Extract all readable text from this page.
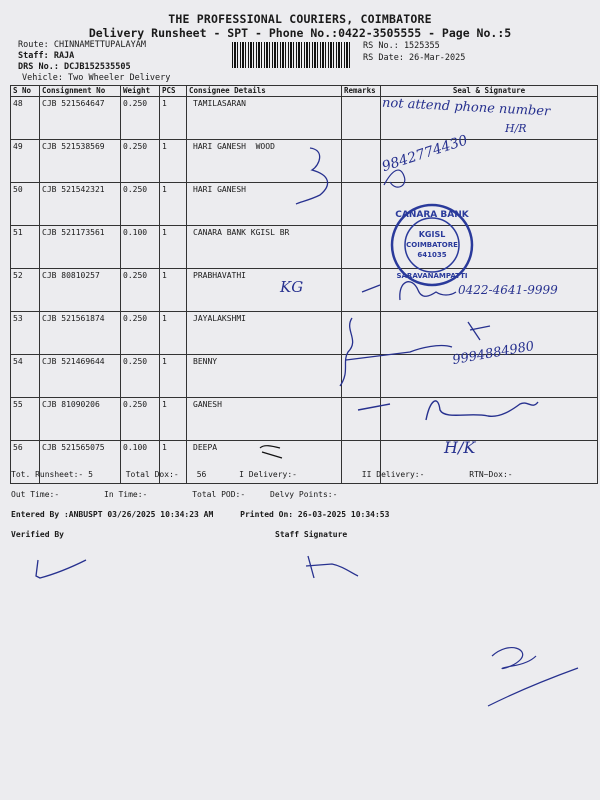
THE PROFESSIONAL COURIERS, COIMBATORE
Delivery Runsheet - SPT - Phone No.:0422-3505555 - Page No.:5
Route: CHINNAMETTUPALAYAM
Staff: RAJA
DRS No.: DCJB152535505
Vehicle: Two Wheeler Delivery
RS No.: 1525355
RS Date: 26-Mar-2025
S No	Consignment No	Weight	PCS	Consignee Details	Remarks	Seal & Signature
48	CJB 521564647	0.250	1	TAMILASARAN		
49	CJB 521538569	0.250	1	HARI GANESH  WOOD		
50	CJB 521542321	0.250	1	HARI GANESH		
51	CJB 521173561	0.100	1	CANARA BANK KGISL BR		
52	CJB 80810257	0.250	1	PRABHAVATHI		
53	CJB 521561874	0.250	1	JAYALAKSHMI		
54	CJB 521469644	0.250	1	BENNY		
55	CJB 81090206	0.250	1	GANESH		
56	CJB 521565075	0.100	1	DEEPA		
Tot. Runsheet:- 5	Total Dox:- 56	I Delivery:-	II Delivery:-	RTN~Dox:-
Out Time:-	In Time:-	Total POD:-	Delvy Points:-
Entered By :ANBUSPT 03/26/2025 10:34:23 AM	Printed On: 26-03-2025 10:34:53
Verified By	Staff Signature
not attend phone number
H/R
9842774430
KG	0422-4641-9999
9994884980
H/K
CANARA BANK
KGISL
COIMBATORE
641035
SARAVANAMPATTI
